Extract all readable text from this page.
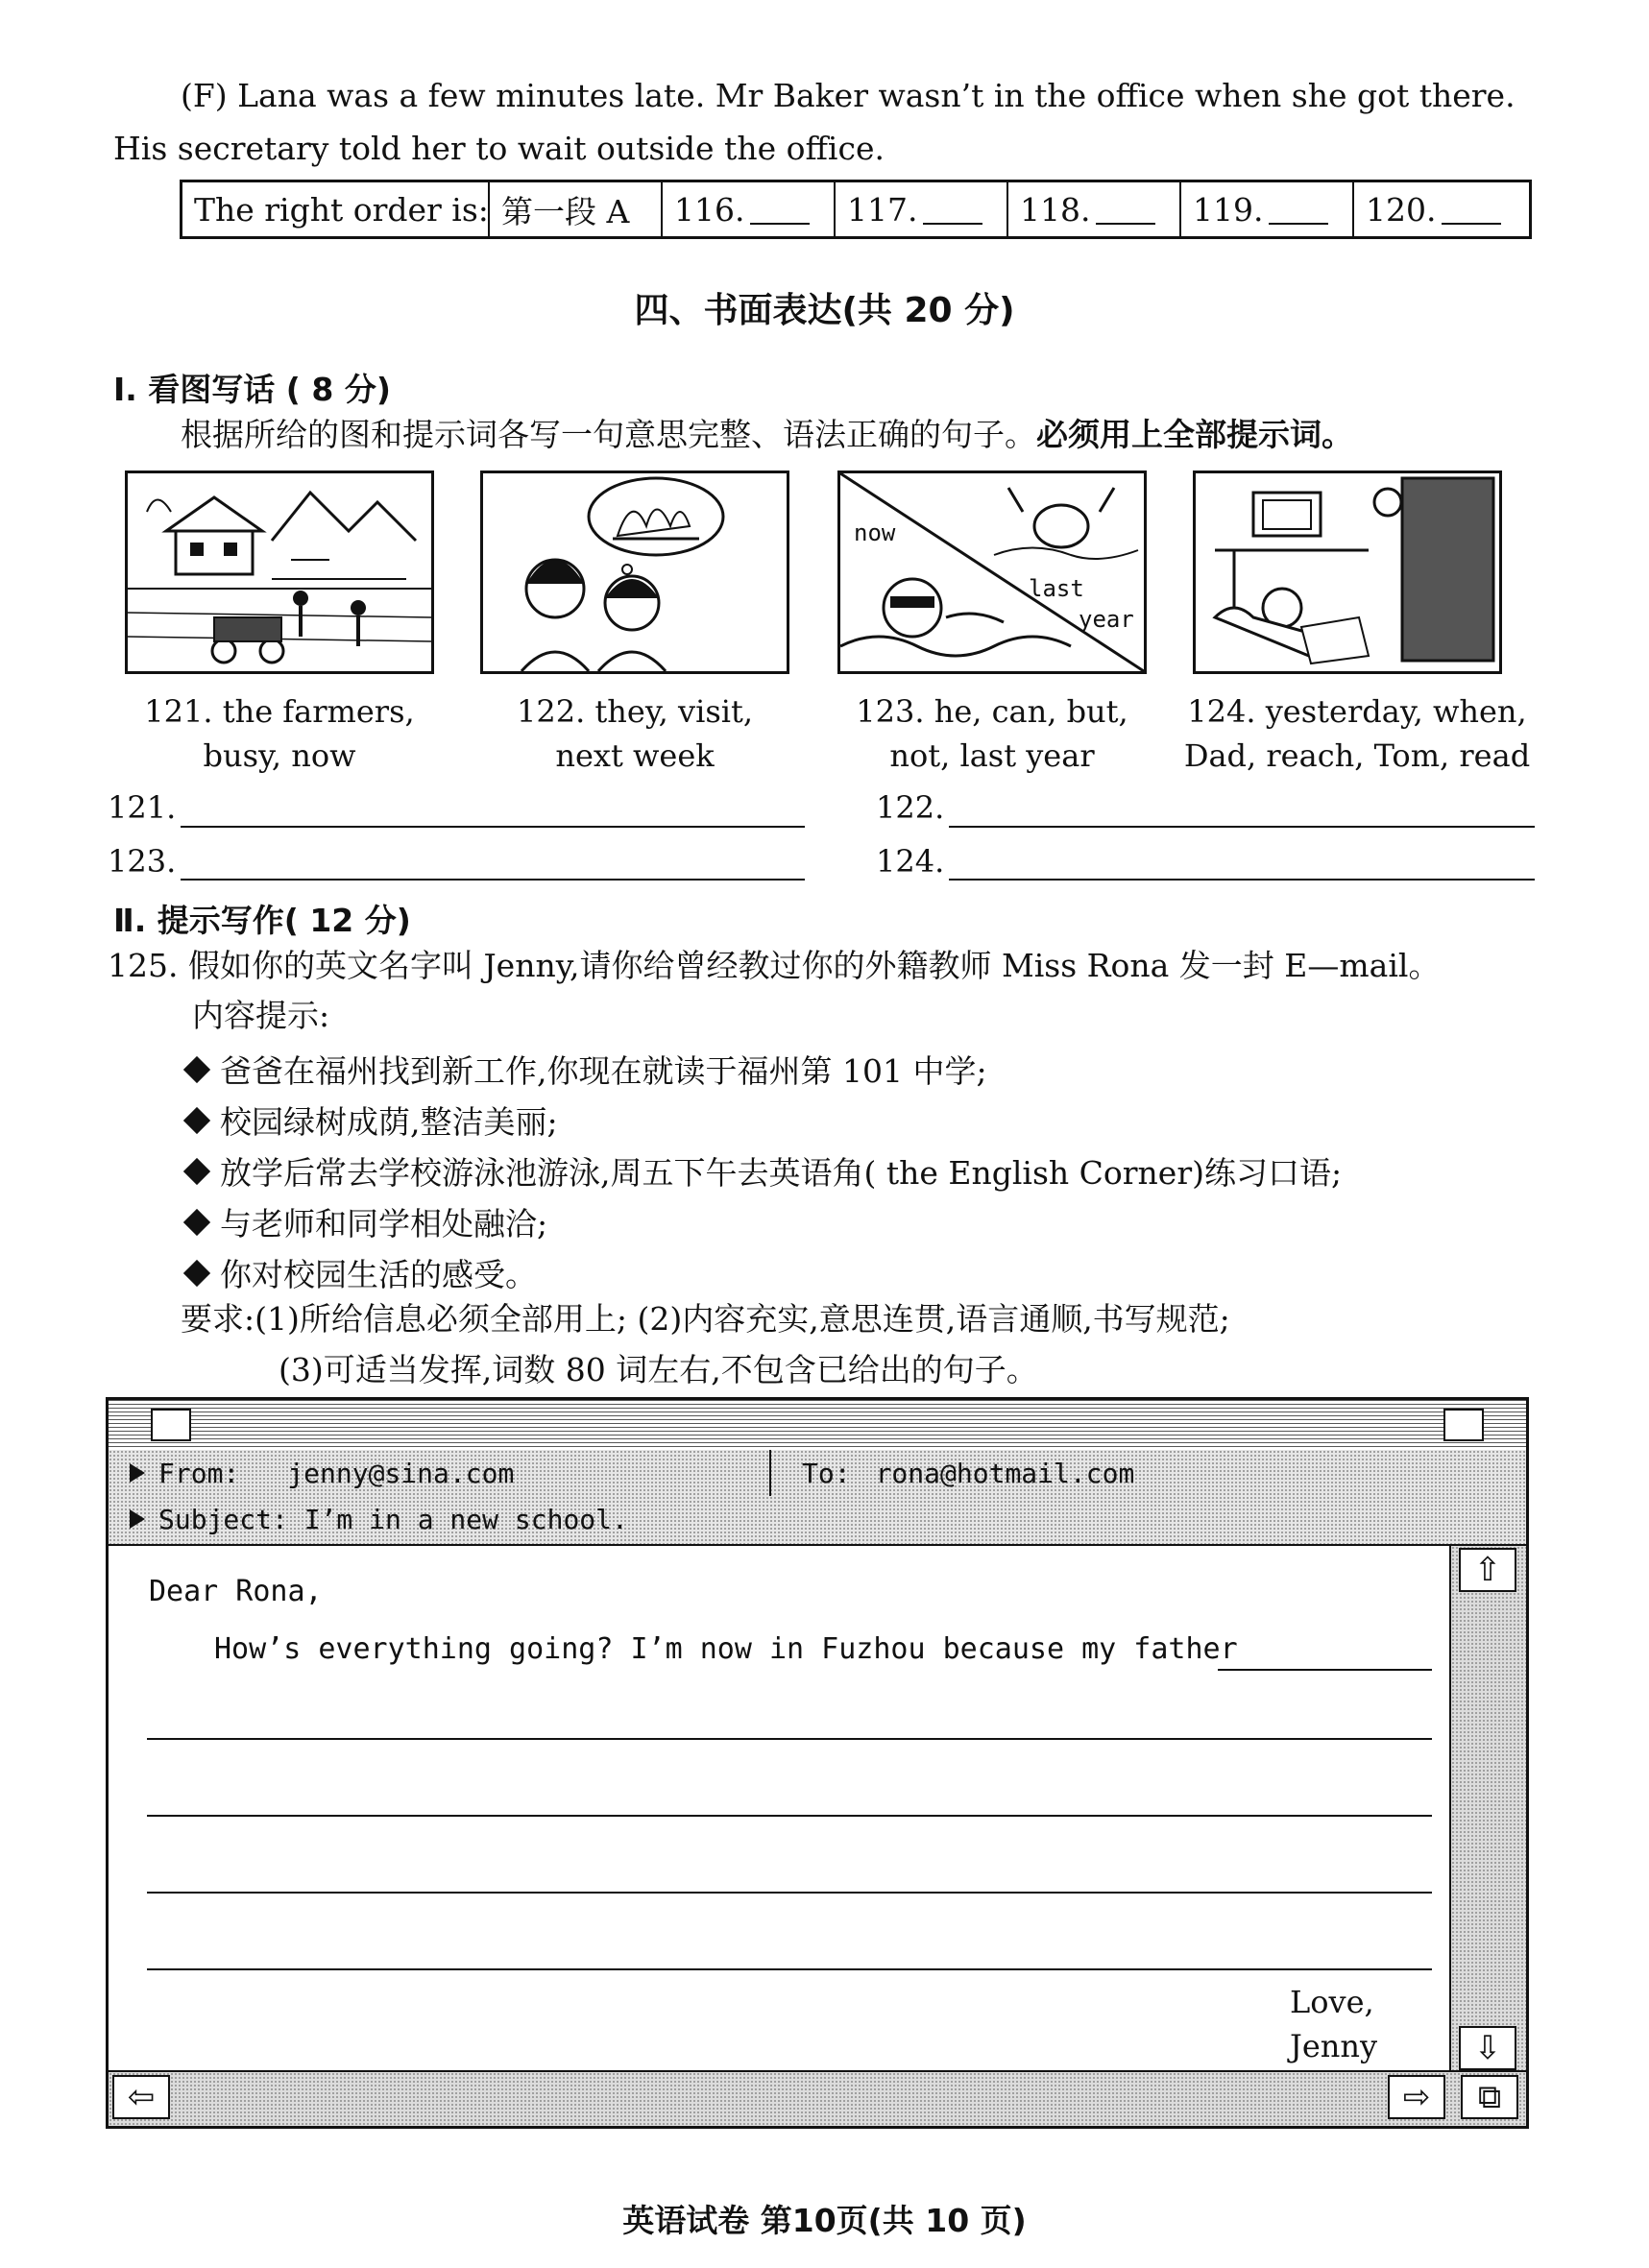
(F) Lana was a few minutes late. Mr Baker wasn’t in the office when she got there.
His secretary told her to wait outside the office.
The right order is: 第一段 A	116.	117.	118.	119.	120.
四、书面表达(共 20 分)
Ⅰ. 看图写话 ( 8 分)
根据所给的图和提示词各写一句意思完整、语法正确的句子。必须用上全部提示词。
now
last
year
121. the farmers,
busy, now
122. they, visit,
next week
123. he, can, but,
not, last year
124. yesterday, when,
Dad, reach, Tom, read
121.	122.
123.	124.
Ⅱ. 提示写作( 12 分)
125. 假如你的英文名字叫 Jenny,请你给曾经教过你的外籍教师 Miss Rona 发一封 E—mail。
内容提示:
爸爸在福州找到新工作,你现在就读于福州第 101 中学;
校园绿树成荫,整洁美丽;
放学后常去学校游泳池游泳,周五下午去英语角( the English Corner)练习口语;
与老师和同学相处融洽;
你对校园生活的感受。
要求:(1)所给信息必须全部用上; (2)内容充实,意思连贯,语言通顺,书写规范;
(3)可适当发挥,词数 80 词左右,不包含已给出的句子。
From: jenny@sina.com	To: rona@hotmail.com
Subject: I’m in a new school.
Dear Rona,
How’s everything going? I’m now in Fuzhou because my father
Love,
Jenny
⇧
⇩
⇦	⇨	⧉
英语试卷 第10页(共 10 页)
